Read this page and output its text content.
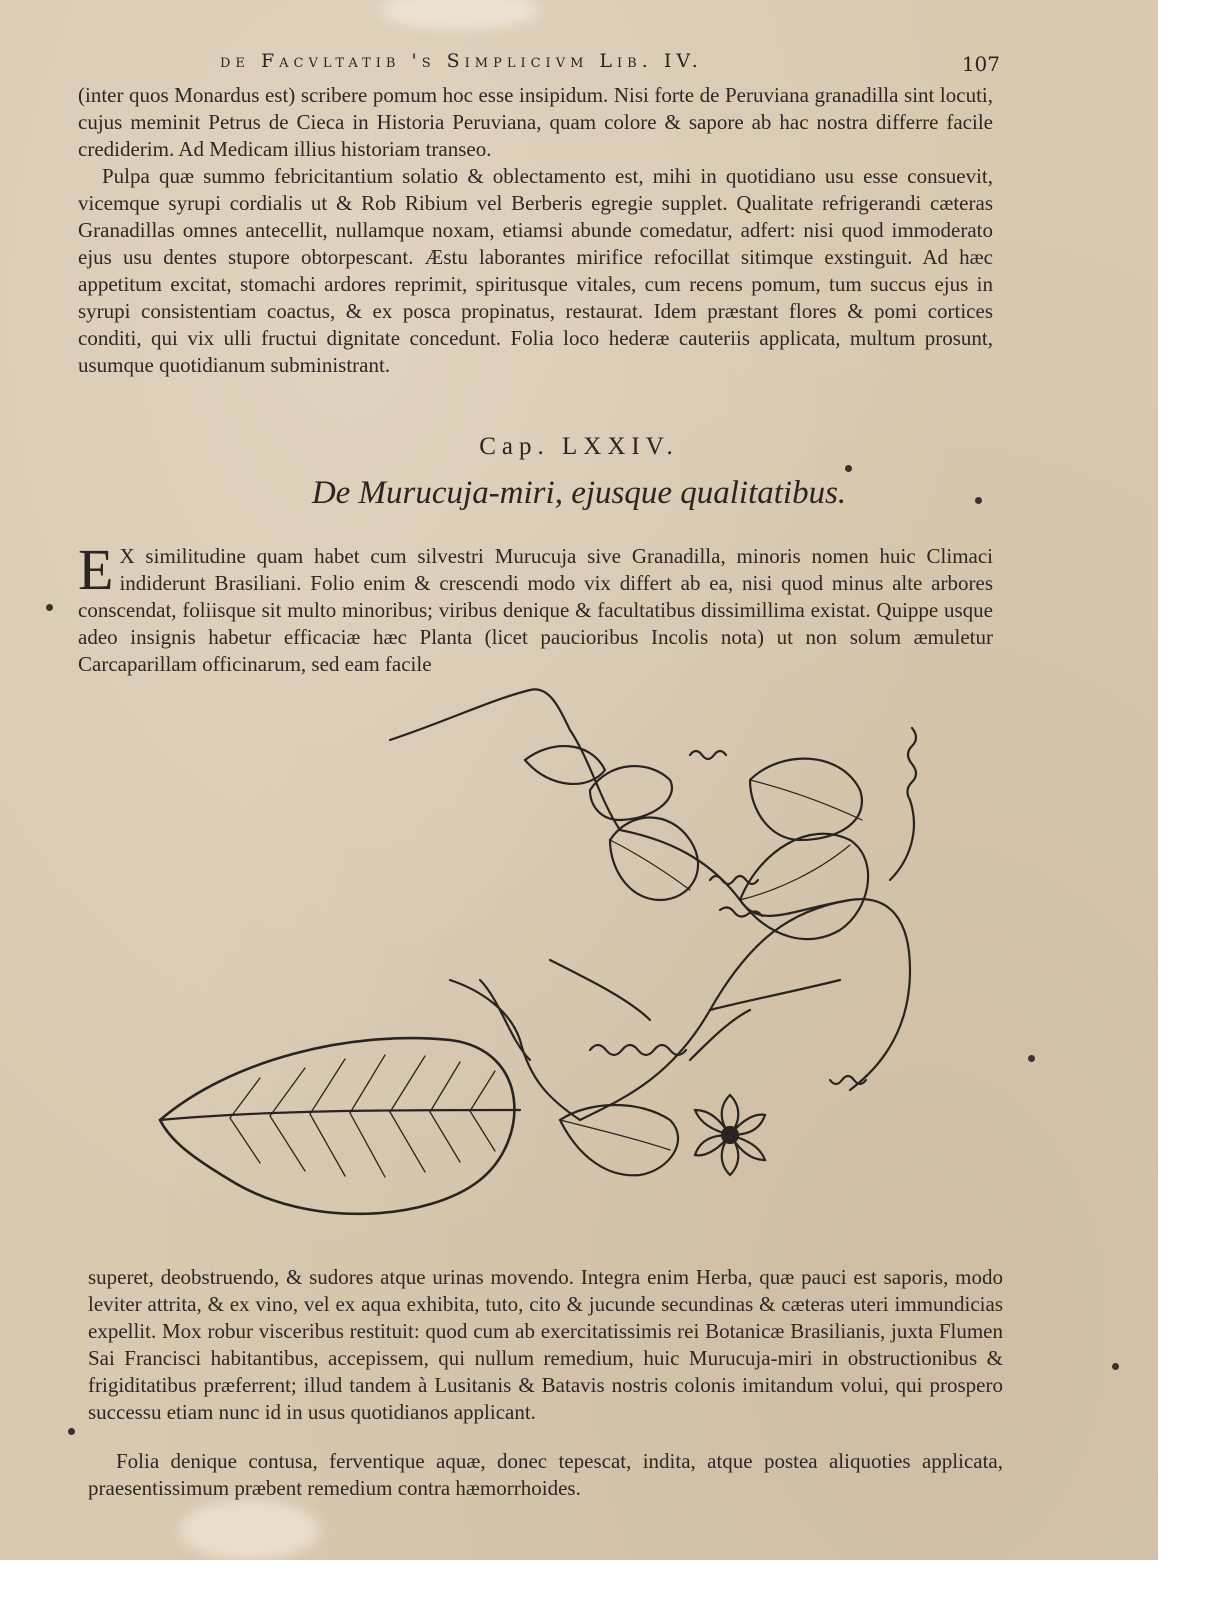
de Facvltatib 's Simplicivm Lib. IV.	107

(inter quos Monardus est) scribere pomum hoc esse insipidum. Nisi forte de Peruviana granadilla sint locuti, cujus meminit Petrus de Cieca in Historia Peruviana, quam colore & sapore ab hac nostra differre facile crediderim. Ad Medicam illius historiam transeo.

Pulpa quæ summo febricitantium solatio & oblectamento est, mihi in quotidiano usu esse consuevit, vicemque syrupi cordialis ut & Rob Ribium vel Berberis egregie supplet. Qualitate refrigerandi cæteras Granadillas omnes antecellit, nullamque noxam, etiamsi abunde comedatur, adfert: nisi quod immoderato ejus usu dentes stupore obtorpescant. Æstu laborantes mirifice refocillat sitimque exstinguit. Ad hæc appetitum excitat, stomachi ardores reprimit, spiritusque vitales, cum recens pomum, tum succus ejus in syrupi consistentiam coactus, & ex posca propinatus, restaurat. Idem præstant flores & pomi cortices conditi, qui vix ulli fructui dignitate concedunt. Folia loco hederæ cauteriis applicata, multum prosunt, usumque quotidianum subministrant.

Cap. LXXIV.
De Murucuja-miri, ejusque qualitatibus.

E X similitudine quam habet cum silvestri Murucuja sive Granadilla, minoris nomen huic Climaci indiderunt Brasiliani. Folio enim & crescendi modo vix differt ab ea, nisi quod minus alte arbores conscendat, foliisque sit multo minoribus; viribus denique & facultatibus dissimillima existat. Quippe usque adeo insignis habetur efficaciæ hæc Planta (licet paucioribus Incolis nota) ut non solum æmuletur Carcaparillam officinarum, sed eam facile

superet, deobstruendo, & sudores atque urinas movendo. Integra enim Herba, quæ pauci est saporis, modo leviter attrita, & ex vino, vel ex aqua exhibita, tuto, cito & jucunde secundinas & cæteras uteri immundicias expellit. Mox robur visceribus restituit: quod cum ab exercitatissimis rei Botanicæ Brasilianis, juxta Flumen Sai Francisci habitantibus, accepissem, qui nullum remedium, huic Murucuja-miri in obstructionibus & frigiditatibus præferrent; illud tandem à Lusitanis & Batavis nostris colonis imitandum volui, qui prospero successu etiam nunc id in usus quotidianos applicant.

Folia denique contusa, ferventique aquæ, donec tepescat, indita, atque postea aliquoties applicata, praesentissimum præbent remedium contra hæmorrhoides.
